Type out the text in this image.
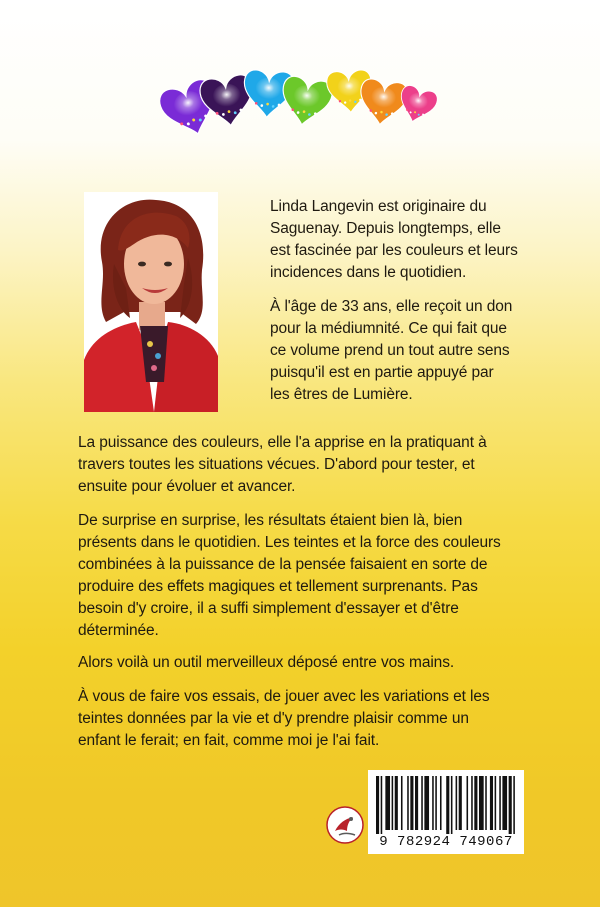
Linda Langevin est originaire du
Saguenay. Depuis longtemps, elle
est fascinée par les couleurs et leurs
incidences dans le quotidien.

À l'âge de 33 ans, elle reçoit un don
pour la médiumnité. Ce qui fait que
ce volume prend un tout autre sens
puisqu'il est en partie appuyé par
les êtres de Lumière.

La puissance des couleurs, elle l'a apprise en la pratiquant à
travers toutes les situations vécues. D'abord pour tester, et
ensuite pour évoluer et avancer.

De surprise en surprise, les résultats étaient bien là, bien
présents dans le quotidien. Les teintes et la force des couleurs
combinées à la puissance de la pensée faisaient en sorte de
produire des effets magiques et tellement surprenants. Pas
besoin d'y croire, il a suffi simplement d'essayer et d'être
déterminée.

Alors voilà un outil merveilleux déposé entre vos mains.

À vous de faire vos essais, de jouer avec les variations et les
teintes données par la vie et d'y prendre plaisir comme un
enfant le ferait; en fait, comme moi je l'ai fait.

9 782924 749067
